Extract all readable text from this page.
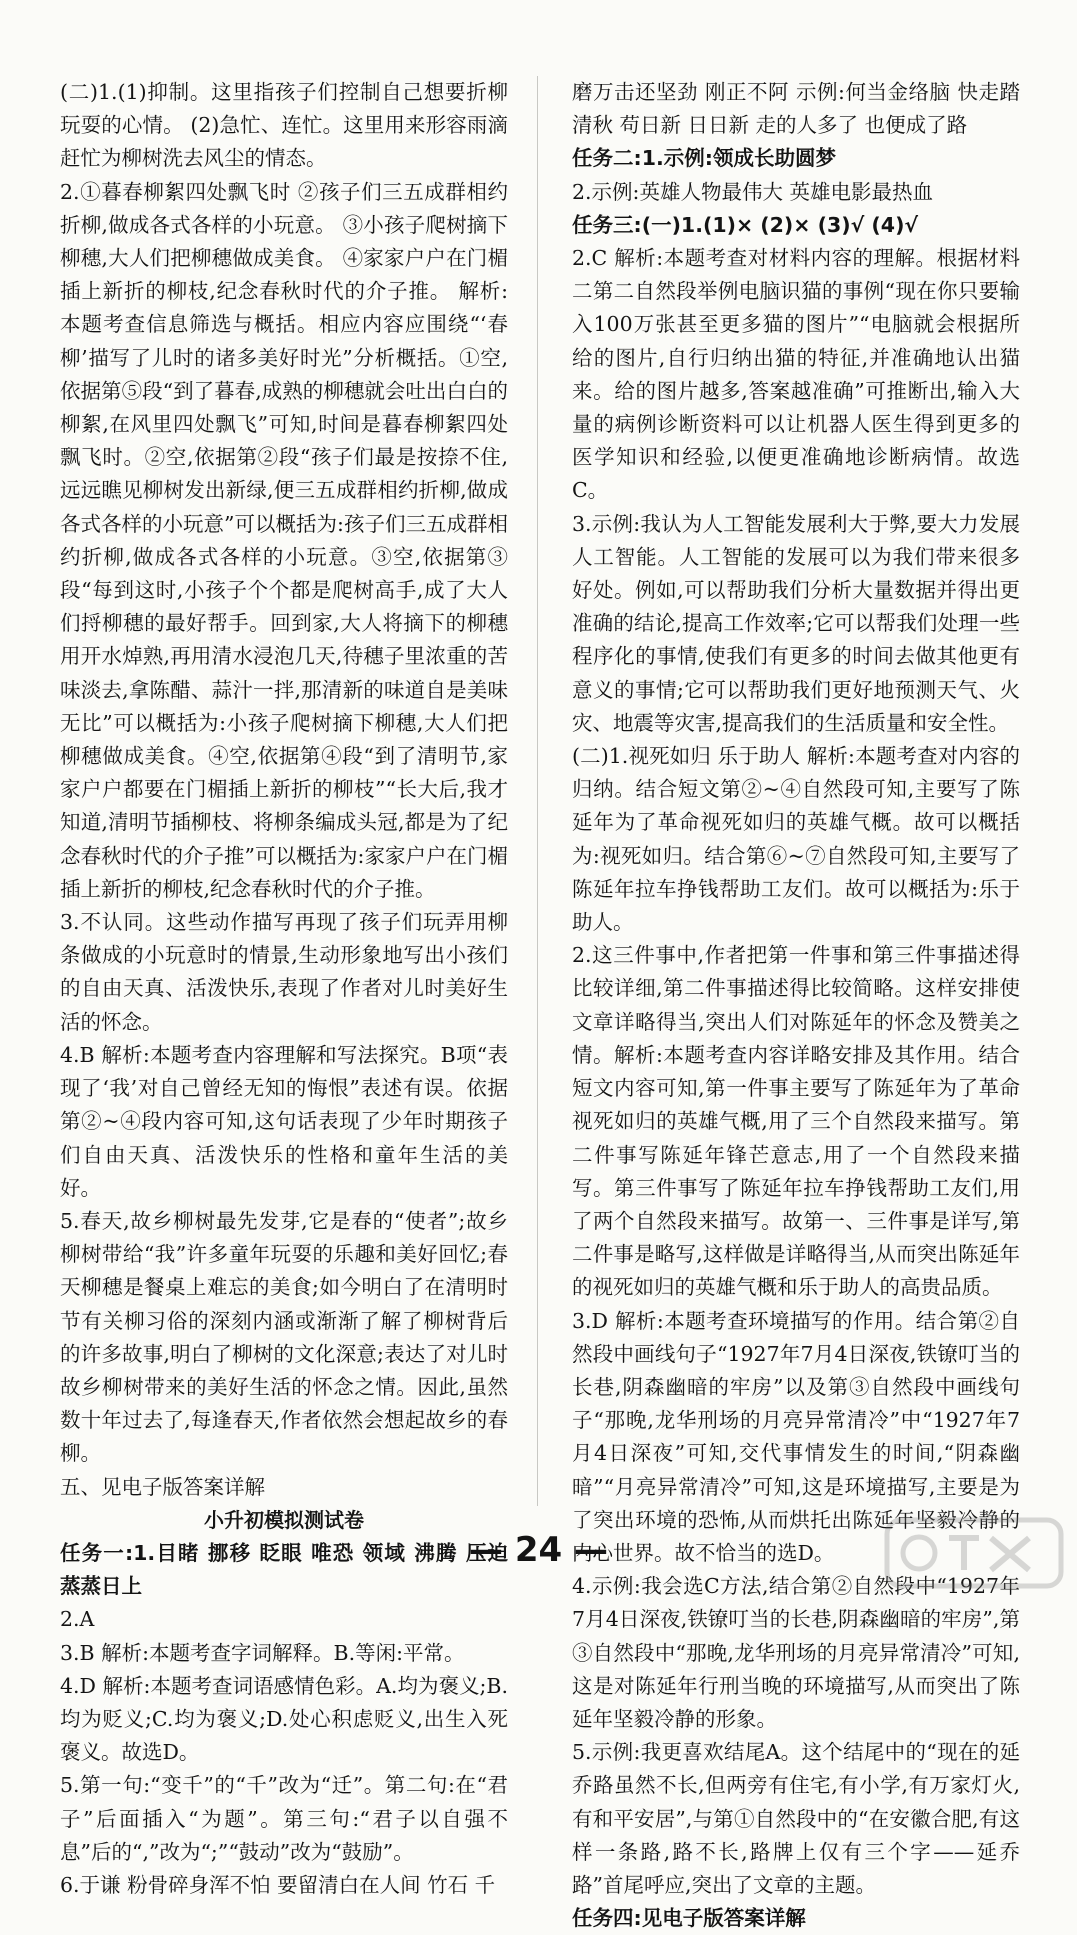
(二)1.(1)抑制。这里指孩子们控制自己想要折柳玩耍的心情。 (2)急忙、连忙。这里用来形容雨滴赶忙为柳树洗去风尘的情态。

2.①暮春柳絮四处飘飞时 ②孩子们三五成群相约折柳,做成各式各样的小玩意。 ③小孩子爬树摘下柳穗,大人们把柳穗做成美食。 ④家家户户在门楣插上新折的柳枝,纪念春秋时代的介子推。 解析:本题考查信息筛选与概括。相应内容应围绕“‘春柳’描写了儿时的诸多美好时光”分析概括。①空,依据第⑤段“到了暮春,成熟的柳穗就会吐出白白的柳絮,在风里四处飘飞”可知,时间是暮春柳絮四处飘飞时。②空,依据第②段“孩子们最是按捺不住,远远瞧见柳树发出新绿,便三五成群相约折柳,做成各式各样的小玩意”可以概括为:孩子们三五成群相约折柳,做成各式各样的小玩意。③空,依据第③段“每到这时,小孩子个个都是爬树高手,成了大人们捋柳穗的最好帮手。回到家,大人将摘下的柳穗用开水焯熟,再用清水浸泡几天,待穗子里浓重的苦味淡去,拿陈醋、蒜汁一拌,那清新的味道自是美味无比”可以概括为:小孩子爬树摘下柳穗,大人们把柳穗做成美食。④空,依据第④段“到了清明节,家家户户都要在门楣插上新折的柳枝”“长大后,我才知道,清明节插柳枝、将柳条编成头冠,都是为了纪念春秋时代的介子推”可以概括为:家家户户在门楣插上新折的柳枝,纪念春秋时代的介子推。

3.不认同。这些动作描写再现了孩子们玩弄用柳条做成的小玩意时的情景,生动形象地写出小孩们的自由天真、活泼快乐,表现了作者对儿时美好生活的怀念。

4.B 解析:本题考查内容理解和写法探究。B项“表现了‘我’对自己曾经无知的悔恨”表述有误。依据第②~④段内容可知,这句话表现了少年时期孩子们自由天真、活泼快乐的性格和童年生活的美好。

5.春天,故乡柳树最先发芽,它是春的“使者”;故乡柳树带给“我”许多童年玩耍的乐趣和美好回忆;春天柳穗是餐桌上难忘的美食;如今明白了在清明时节有关柳习俗的深刻内涵或渐渐了解了柳树背后的许多故事,明白了柳树的文化深意;表达了对儿时故乡柳树带来的美好生活的怀念之情。因此,虽然数十年过去了,每逢春天,作者依然会想起故乡的春柳。

五、见电子版答案详解

小升初模拟测试卷

任务一:1.目睹 挪移 眨眼 唯恐 领域 沸腾 压迫 蒸蒸日上

2.A

3.B 解析:本题考查字词解释。B.等闲:平常。

4.D 解析:本题考查词语感情色彩。A.均为褒义;B.均为贬义;C.均为褒义;D.处心积虑贬义,出生入死褒义。故选D。

5.第一句:“变千”的“千”改为“迁”。第二句:在“君子”后面插入“为题”。第三句:“君子以自强不息”后的“,”改为“;”“鼓动”改为“鼓励”。

6.于谦 粉骨碎身浑不怕 要留清白在人间 竹石 千

磨万击还坚劲 刚正不阿 示例:何当金络脑 快走踏清秋 苟日新 日日新 走的人多了 也便成了路

任务二:1.示例:领成长助圆梦

2.示例:英雄人物最伟大 英雄电影最热血

任务三:(一)1.(1)× (2)× (3)√ (4)√

2.C 解析:本题考查对材料内容的理解。根据材料二第二自然段举例电脑识猫的事例“现在你只要输入100万张甚至更多猫的图片”“电脑就会根据所给的图片,自行归纳出猫的特征,并准确地认出猫来。给的图片越多,答案越准确”可推断出,输入大量的病例诊断资料可以让机器人医生得到更多的医学知识和经验,以便更准确地诊断病情。故选C。

3.示例:我认为人工智能发展利大于弊,要大力发展人工智能。人工智能的发展可以为我们带来很多好处。例如,可以帮助我们分析大量数据并得出更准确的结论,提高工作效率;它可以帮我们处理一些程序化的事情,使我们有更多的时间去做其他更有意义的事情;它可以帮助我们更好地预测天气、火灾、地震等灾害,提高我们的生活质量和安全性。

(二)1.视死如归 乐于助人 解析:本题考查对内容的归纳。结合短文第②~④自然段可知,主要写了陈延年为了革命视死如归的英雄气概。故可以概括为:视死如归。结合第⑥~⑦自然段可知,主要写了陈延年拉车挣钱帮助工友们。故可以概括为:乐于助人。

2.这三件事中,作者把第一件事和第三件事描述得比较详细,第二件事描述得比较简略。这样安排使文章详略得当,突出人们对陈延年的怀念及赞美之情。解析:本题考查内容详略安排及其作用。结合短文内容可知,第一件事主要写了陈延年为了革命视死如归的英雄气概,用了三个自然段来描写。第二件事写陈延年锋芒意志,用了一个自然段来描写。第三件事写了陈延年拉车挣钱帮助工友们,用了两个自然段来描写。故第一、三件事是详写,第二件事是略写,这样做是详略得当,从而突出陈延年的视死如归的英雄气概和乐于助人的高贵品质。

3.D 解析:本题考查环境描写的作用。结合第②自然段中画线句子“1927年7月4日深夜,铁镣叮当的长巷,阴森幽暗的牢房”以及第③自然段中画线句子“那晚,龙华刑场的月亮异常清冷”中“1927年7月4日深夜”可知,交代事情发生的时间,“阴森幽暗”“月亮异常清冷”可知,这是环境描写,主要是为了突出环境的恐怖,从而烘托出陈延年坚毅冷静的内心世界。故不恰当的选D。

4.示例:我会选C方法,结合第②自然段中“1927年7月4日深夜,铁镣叮当的长巷,阴森幽暗的牢房”,第③自然段中“那晚,龙华刑场的月亮异常清冷”可知,这是对陈延年行刑当晚的环境描写,从而突出了陈延年坚毅冷静的形象。

5.示例:我更喜欢结尾A。这个结尾中的“现在的延乔路虽然不长,但两旁有住宅,有小学,有万家灯火,有和平安居”,与第①自然段中的“在安徽合肥,有这样一条路,路不长,路牌上仅有三个字——延乔路”首尾呼应,突出了文章的主题。

任务四:见电子版答案详解

— 24 —
